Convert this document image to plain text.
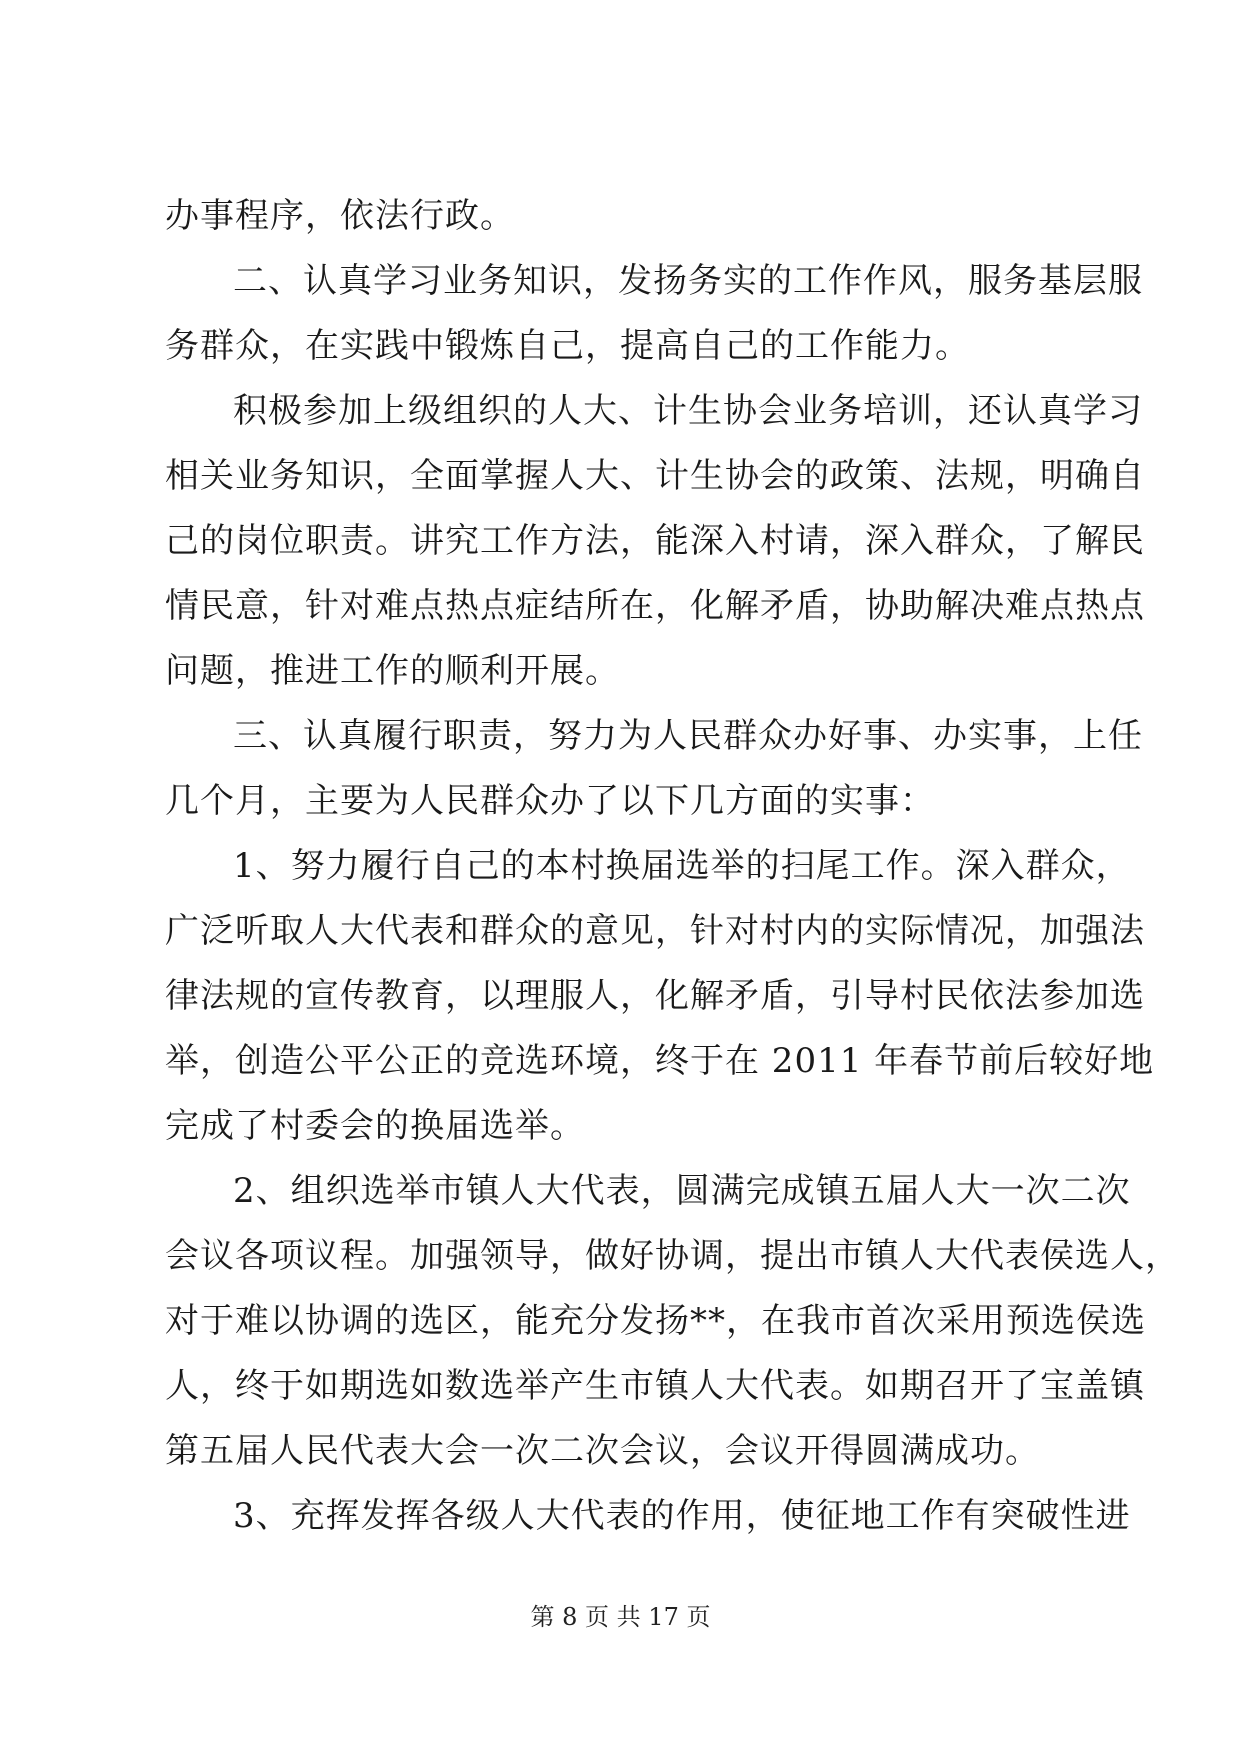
办事程序，依法行政。
二、认真学习业务知识，发扬务实的工作作风，服务基层服
务群众，在实践中锻炼自己，提高自己的工作能力。
积极参加上级组织的人大、计生协会业务培训，还认真学习
相关业务知识，全面掌握人大、计生协会的政策、法规，明确自
己的岗位职责。讲究工作方法，能深入村请，深入群众，了解民
情民意，针对难点热点症结所在，化解矛盾，协助解决难点热点
问题，推进工作的顺利开展。
三、认真履行职责，努力为人民群众办好事、办实事，上任
几个月，主要为人民群众办了以下几方面的实事：
1、努力履行自己的本村换届选举的扫尾工作。深入群众，
广泛听取人大代表和群众的意见，针对村内的实际情况，加强法
律法规的宣传教育，以理服人，化解矛盾，引导村民依法参加选
举，创造公平公正的竞选环境，终于在 2011 年春节前后较好地
完成了村委会的换届选举。
2、组织选举市镇人大代表，圆满完成镇五届人大一次二次
会议各项议程。加强领导，做好协调，提出市镇人大代表侯选人，
对于难以协调的选区，能充分发扬**，在我市首次采用预选侯选
人，终于如期选如数选举产生市镇人大代表。如期召开了宝盖镇
第五届人民代表大会一次二次会议，会议开得圆满成功。
3、充挥发挥各级人大代表的作用，使征地工作有突破性进
第 8 页 共 17 页
